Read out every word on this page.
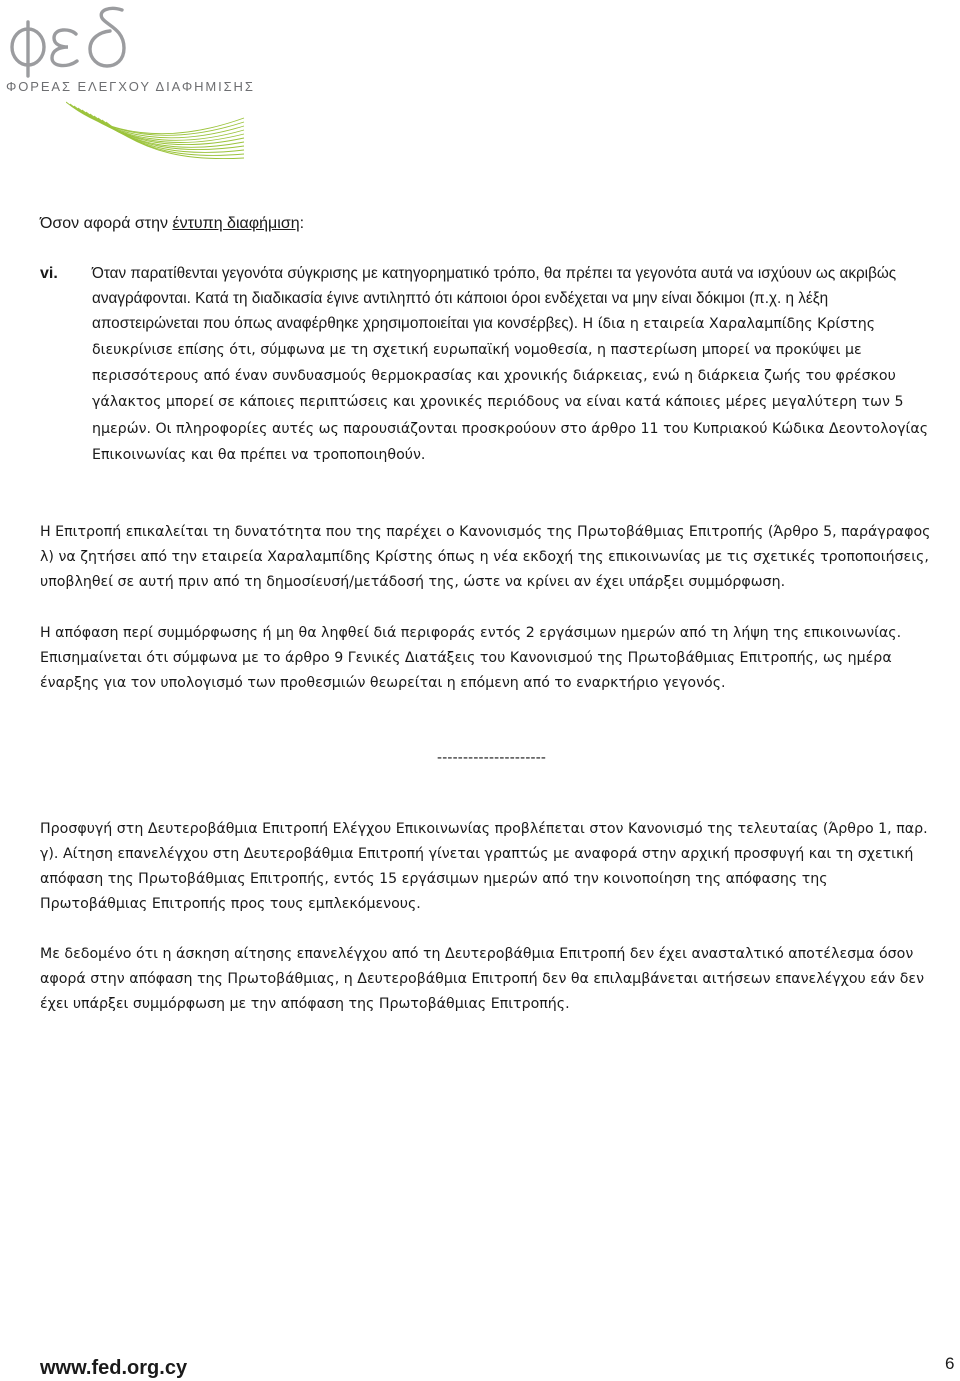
ΦΟΡΕΑΣ ΕΛΕΓΧΟΥ ΔΙΑΦΗΜΙΣΗΣ
Όσον αφορά στην έντυπη διαφήμιση:
vi. Όταν παρατίθενται γεγονότα σύγκρισης με κατηγορηματικό τρόπο, θα πρέπει τα γεγονότα αυτά να ισχύουν ως ακριβώς αναγράφονται. Κατά τη διαδικασία έγινε αντιληπτό ότι κάποιοι όροι ενδέχεται να μην είναι δόκιμοι (π.χ. η λέξη αποστειρώνεται που όπως αναφέρθηκε χρησιμοποιείται για κονσέρβες). Η ίδια η εταιρεία Χαραλαμπίδης Κρίστης διευκρίνισε επίσης ότι, σύμφωνα με τη σχετική ευρωπαϊκή νομοθεσία, η παστερίωση μπορεί να προκύψει με περισσότερους από έναν συνδυασμούς θερμοκρασίας και χρονικής διάρκειας, ενώ η διάρκεια ζωής του φρέσκου γάλακτος μπορεί σε κάποιες περιπτώσεις και χρονικές περιόδους να είναι κατά κάποιες μέρες μεγαλύτερη των 5 ημερών. Οι πληροφορίες αυτές ως παρουσιάζονται προσκρούουν στο άρθρο 11 του Κυπριακού Κώδικα Δεοντολογίας Επικοινωνίας και θα πρέπει να τροποποιηθούν.
Η Επιτροπή επικαλείται τη δυνατότητα που της παρέχει ο Κανονισμός της Πρωτοβάθμιας Επιτροπής (Άρθρο 5, παράγραφος λ) να ζητήσει από την εταιρεία Χαραλαμπίδης Κρίστης όπως η νέα εκδοχή της επικοινωνίας με τις σχετικές τροποποιήσεις, υποβληθεί σε αυτή πριν από τη δημοσίευσή/μετάδοσή της, ώστε να κρίνει αν έχει υπάρξει συμμόρφωση.
Η απόφαση περί συμμόρφωσης ή μη θα ληφθεί διά περιφοράς εντός 2 εργάσιμων ημερών από τη λήψη της επικοινωνίας. Επισημαίνεται ότι σύμφωνα με το άρθρο 9 Γενικές Διατάξεις του Κανονισμού της Πρωτοβάθμιας Επιτροπής, ως ημέρα έναρξης για τον υπολογισμό των προθεσμιών θεωρείται η επόμενη από το εναρκτήριο γεγονός.
---------------------
Προσφυγή στη Δευτεροβάθμια Επιτροπή Ελέγχου Επικοινωνίας προβλέπεται στον Κανονισμό της τελευταίας (Άρθρο 1, παρ. γ). Αίτηση επανελέγχου στη Δευτεροβάθμια Επιτροπή γίνεται γραπτώς με αναφορά στην αρχική προσφυγή και τη σχετική απόφαση της Πρωτοβάθμιας Επιτροπής, εντός 15 εργάσιμων ημερών από την κοινοποίηση της απόφασης της Πρωτοβάθμιας Επιτροπής προς τους εμπλεκόμενους.
Με δεδομένο ότι η άσκηση αίτησης επανελέγχου από τη Δευτεροβάθμια Επιτροπή δεν έχει ανασταλτικό αποτέλεσμα όσον αφορά στην απόφαση της Πρωτοβάθμιας, η Δευτεροβάθμια Επιτροπή δεν θα επιλαμβάνεται αιτήσεων επανελέγχου εάν δεν έχει υπάρξει συμμόρφωση με την απόφαση της Πρωτοβάθμιας Επιτροπής.
www.fed.org.cy	6
